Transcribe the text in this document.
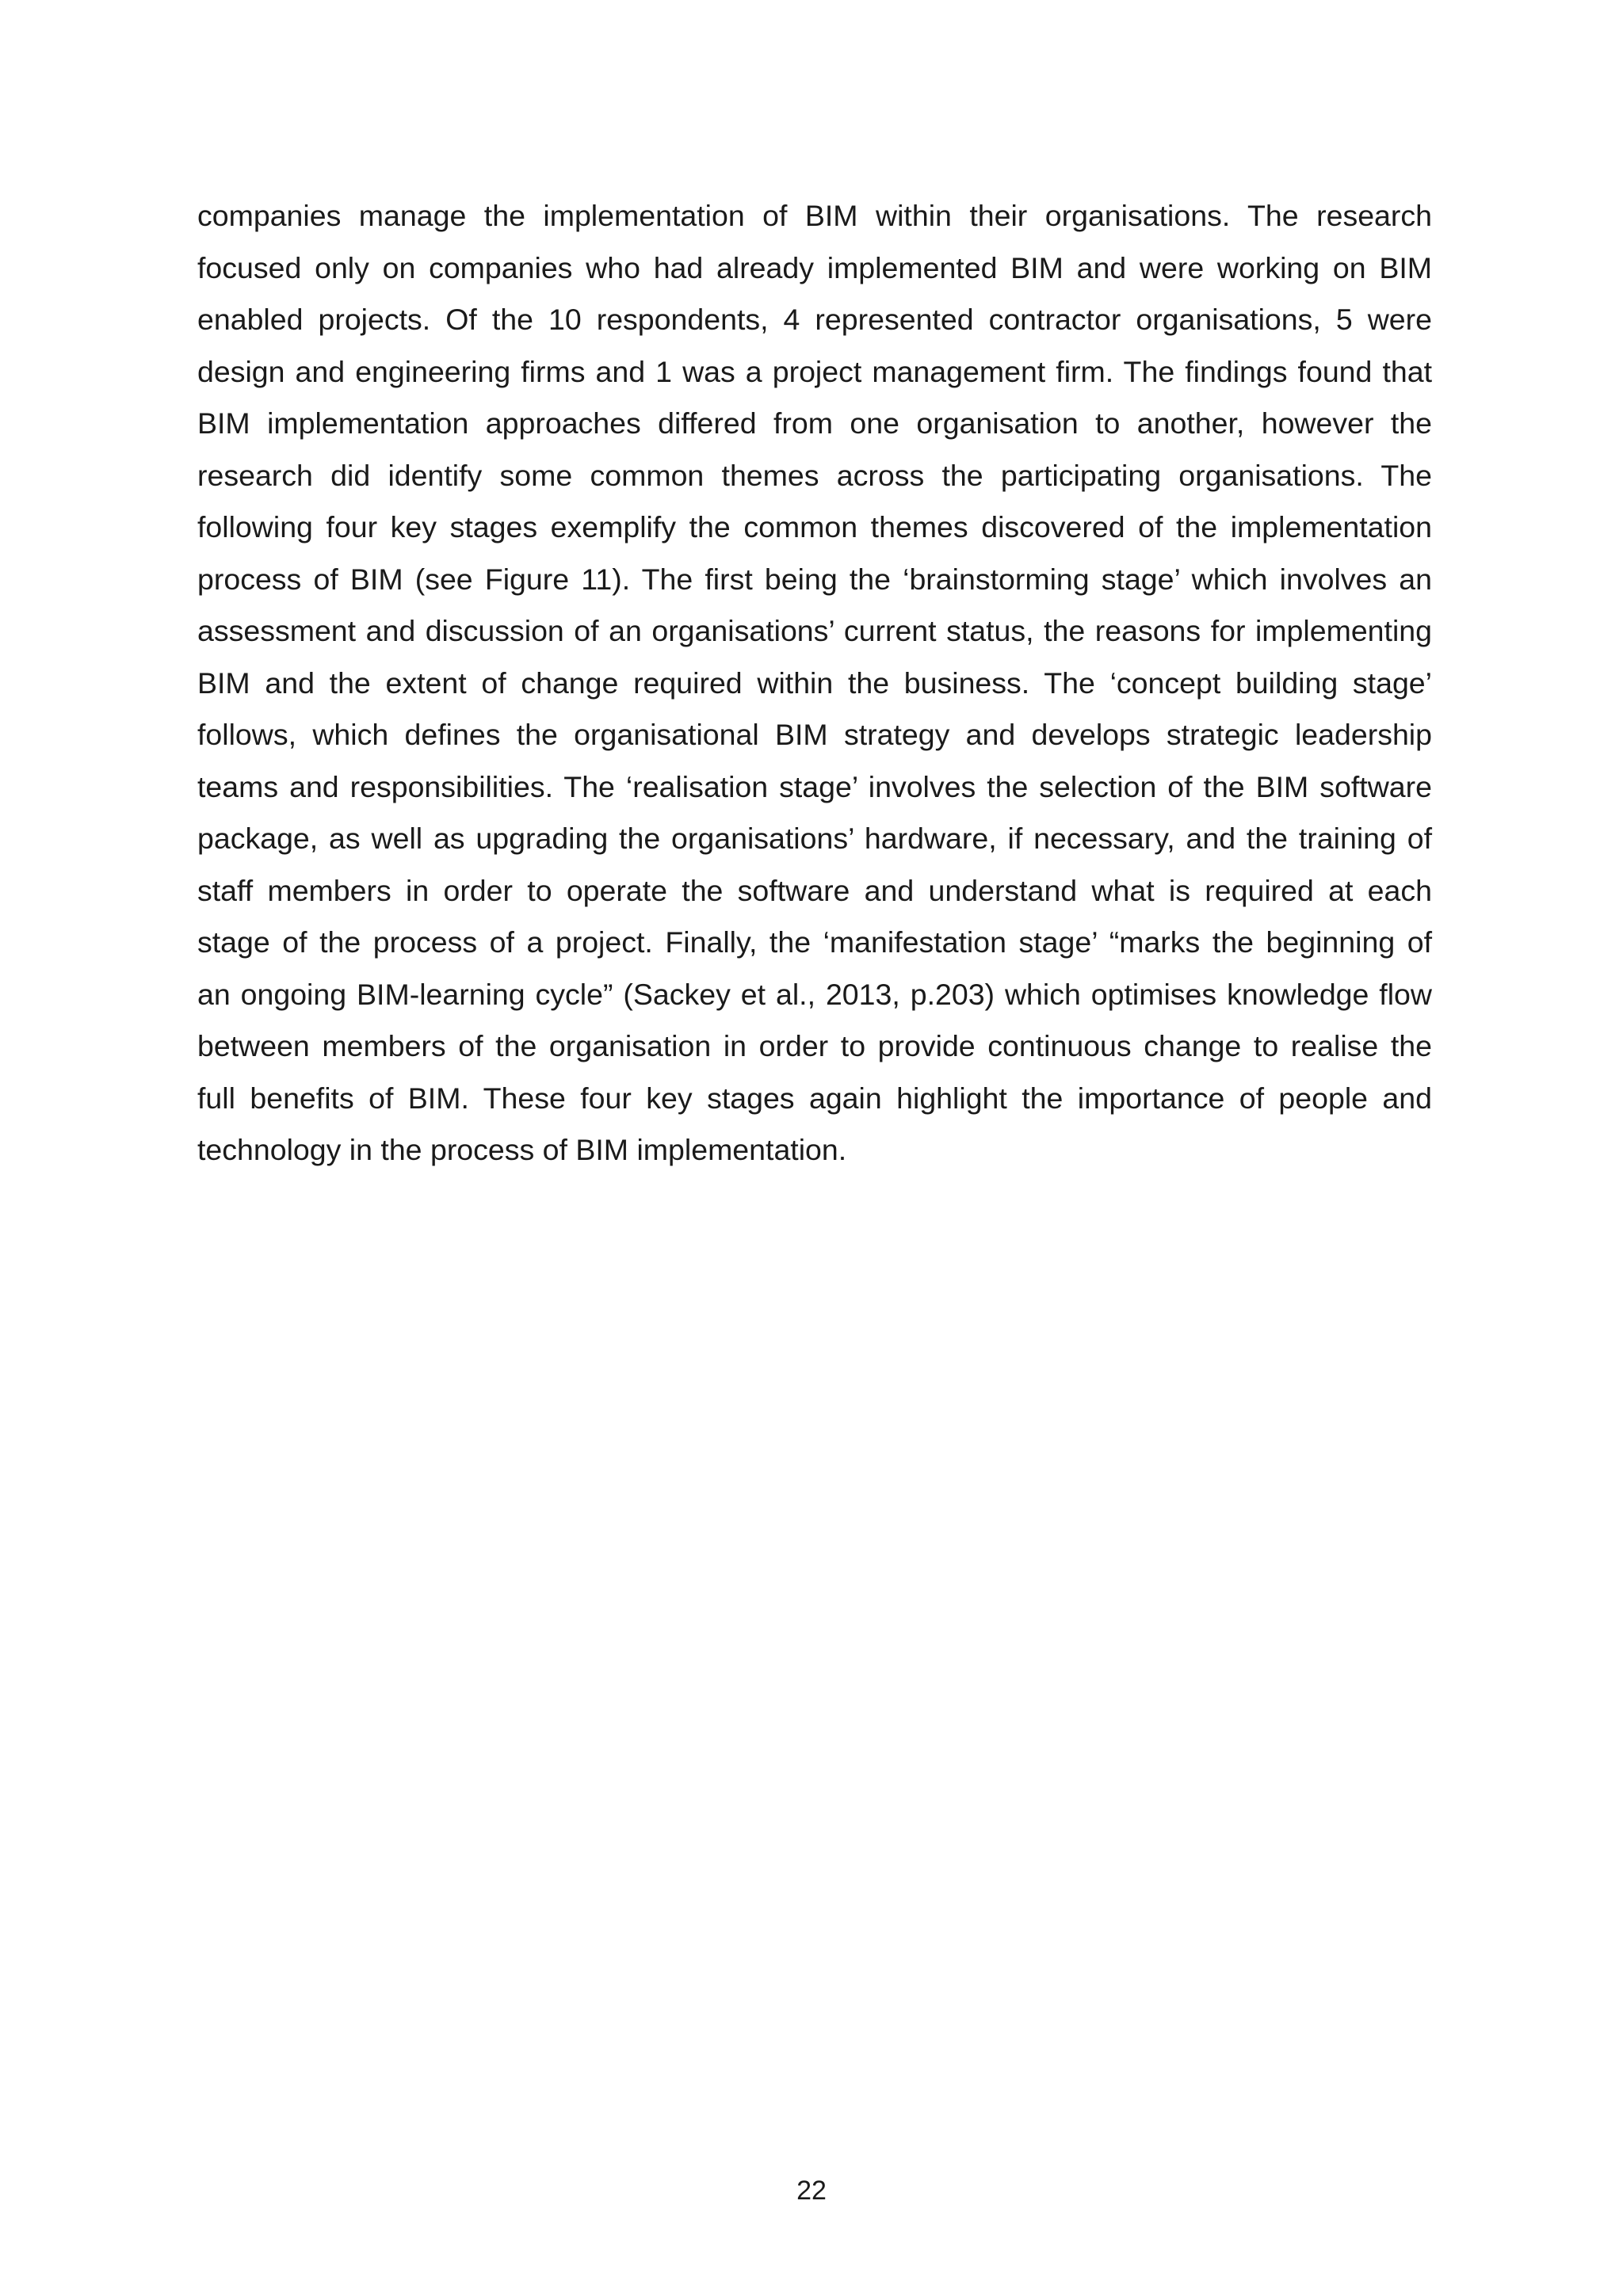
companies manage the implementation of BIM within their organisations. The research
focused only on companies who had already implemented BIM and were working on BIM
enabled projects. Of the 10 respondents, 4 represented contractor organisations, 5 were
design and engineering firms and 1 was a project management firm. The findings found that
BIM implementation approaches differed from one organisation to another, however the
research did identify some common themes across the participating organisations. The
following four key stages exemplify the common themes discovered of the implementation
process of BIM (see Figure 11). The first being the ‘brainstorming stage’ which involves an
assessment and discussion of an organisations’ current status, the reasons for implementing
BIM and the extent of change required within the business. The ‘concept building stage’
follows, which defines the organisational BIM strategy and develops strategic leadership
teams and responsibilities. The ‘realisation stage’ involves the selection of the BIM software
package, as well as upgrading the organisations’ hardware, if necessary, and the training of
staff members in order to operate the software and understand what is required at each
stage of the process of a project. Finally, the ‘manifestation stage’ “marks the beginning of
an ongoing BIM-learning cycle” (Sackey et al., 2013, p.203) which optimises knowledge flow
between members of the organisation in order to provide continuous change to realise the
full benefits of BIM. These four key stages again highlight the importance of people and
technology in the process of BIM implementation.

22
